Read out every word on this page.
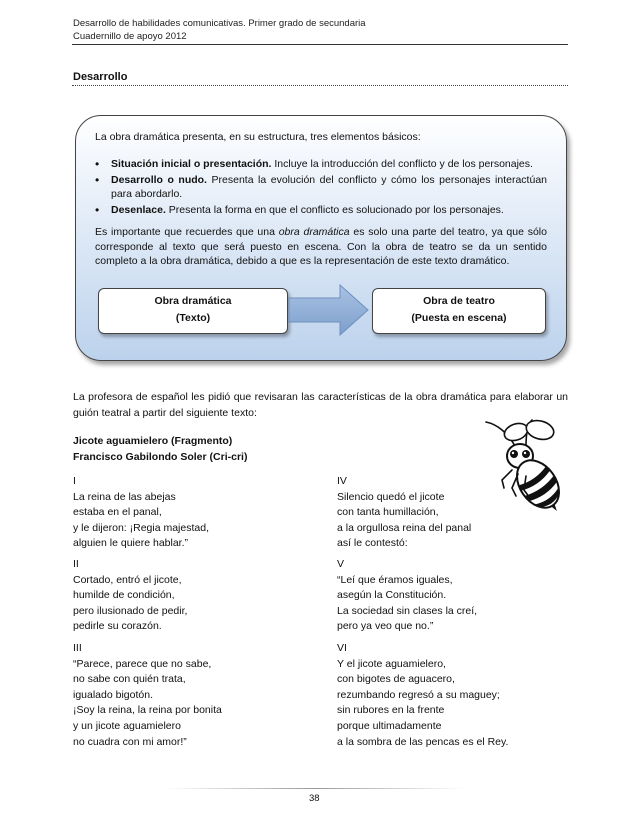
Desarrollo de habilidades comunicativas. Primer grado de secundaria
Cuadernillo de apoyo 2012
Desarrollo
La obra dramática presenta, en su estructura, tres elementos básicos:
• Situación inicial o presentación. Incluye la introducción del conflicto y de los personajes.
• Desarrollo o nudo. Presenta la evolución del conflicto y cómo los personajes interactúan para abordarlo.
• Desenlace. Presenta la forma en que el conflicto es solucionado por los personajes.
Es importante que recuerdes que una obra dramática es solo una parte del teatro, ya que sólo corresponde al texto que será puesto en escena. Con la obra de teatro se da un sentido completo a la obra dramática, debido a que es la representación de este texto dramático.
Obra dramática
(Texto)
Obra de teatro
(Puesta en escena)
La profesora de español les pidió que revisaran las características de la obra dramática para elaborar un guión teatral a partir del siguiente texto:
Jicote aguamielero (Fragmento)
Francisco Gabilondo Soler (Cri-cri)
I
La reina de las abejas
estaba en el panal,
y le dijeron: ¡Regia majestad,
alguien le quiere hablar.”
II
Cortado, entró el jicote,
humilde de condición,
pero ilusionado de pedir,
pedirle su corazón.
III
“Parece, parece que no sabe,
no sabe con quién trata,
igualado bigotón.
¡Soy la reina, la reina por bonita
y un jicote aguamielero
no cuadra con mi amor!”
IV
Silencio quedó el jicote
con tanta humillación,
a la orgullosa reina del panal
así le contestó:
V
“Leí que éramos iguales,
asegún la Constitución.
La sociedad sin clases la creí,
pero ya veo que no.”
VI
Y el jicote aguamielero,
con bigotes de aguacero,
rezumbando regresó a su maguey;
sin rubores en la frente
porque ultimadamente
a la sombra de las pencas es el Rey.
38
